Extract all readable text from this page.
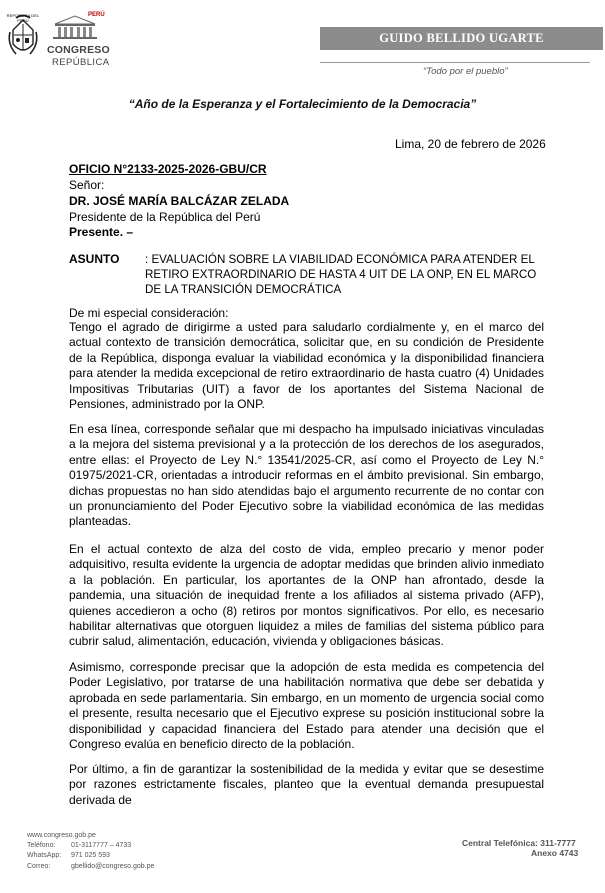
REPÚBLICA DEL PERÚ
PERÚ
CONGRESO
REPÚBLICA
GUIDO BELLIDO UGARTE
“Todo por el pueblo”
“Año de la Esperanza y el Fortalecimiento de la Democracia”
Lima, 20 de febrero de 2026
OFICIO N°2133-2025-2026-GBU/CR
Señor:
DR. JOSÉ MARÍA BALCÁZAR ZELADA
Presidente de la República del Perú
Presente. –
ASUNTO : EVALUACIÓN SOBRE LA VIABILIDAD ECONÓMICA PARA ATENDER EL RETIRO EXTRAORDINARIO DE HASTA 4 UIT DE LA ONP, EN EL MARCO DE LA TRANSICIÓN DEMOCRÁTICA
De mi especial consideración:
Tengo el agrado de dirigirme a usted para saludarlo cordialmente y, en el marco del actual contexto de transición democrática, solicitar que, en su condición de Presidente de la República, disponga evaluar la viabilidad económica y la disponibilidad financiera para atender la medida excepcional de retiro extraordinario de hasta cuatro (4) Unidades Impositivas Tributarias (UIT) a favor de los aportantes del Sistema Nacional de Pensiones, administrado por la ONP.
En esa línea, corresponde señalar que mi despacho ha impulsado iniciativas vinculadas a la mejora del sistema previsional y a la protección de los derechos de los asegurados, entre ellas: el Proyecto de Ley N.° 13541/2025-CR, así como el Proyecto de Ley N.° 01975/2021-CR, orientadas a introducir reformas en el ámbito previsional. Sin embargo, dichas propuestas no han sido atendidas bajo el argumento recurrente de no contar con un pronunciamiento del Poder Ejecutivo sobre la viabilidad económica de las medidas planteadas.
En el actual contexto de alza del costo de vida, empleo precario y menor poder adquisitivo, resulta evidente la urgencia de adoptar medidas que brinden alivio inmediato a la población. En particular, los aportantes de la ONP han afrontado, desde la pandemia, una situación de inequidad frente a los afiliados al sistema privado (AFP), quienes accedieron a ocho (8) retiros por montos significativos. Por ello, es necesario habilitar alternativas que otorguen liquidez a miles de familias del sistema público para cubrir salud, alimentación, educación, vivienda y obligaciones básicas.
Asimismo, corresponde precisar que la adopción de esta medida es competencia del Poder Legislativo, por tratarse de una habilitación normativa que debe ser debatida y aprobada en sede parlamentaria. Sin embargo, en un momento de urgencia social como el presente, resulta necesario que el Ejecutivo exprese su posición institucional sobre la disponibilidad y capacidad financiera del Estado para atender una decisión que el Congreso evalúa en beneficio directo de la población.
Por último, a fin de garantizar la sostenibilidad de la medida y evitar que se desestime por razones estrictamente fiscales, planteo que la eventual demanda presupuestal derivada de
www.congreso.gob.pe
Teléfono:	01-3117777 – 4733
WhatsApp:	971 025 593
Correo:	gbellido@congreso.gob.pe
Central Telefónica: 311-7777
Anexo 4743
